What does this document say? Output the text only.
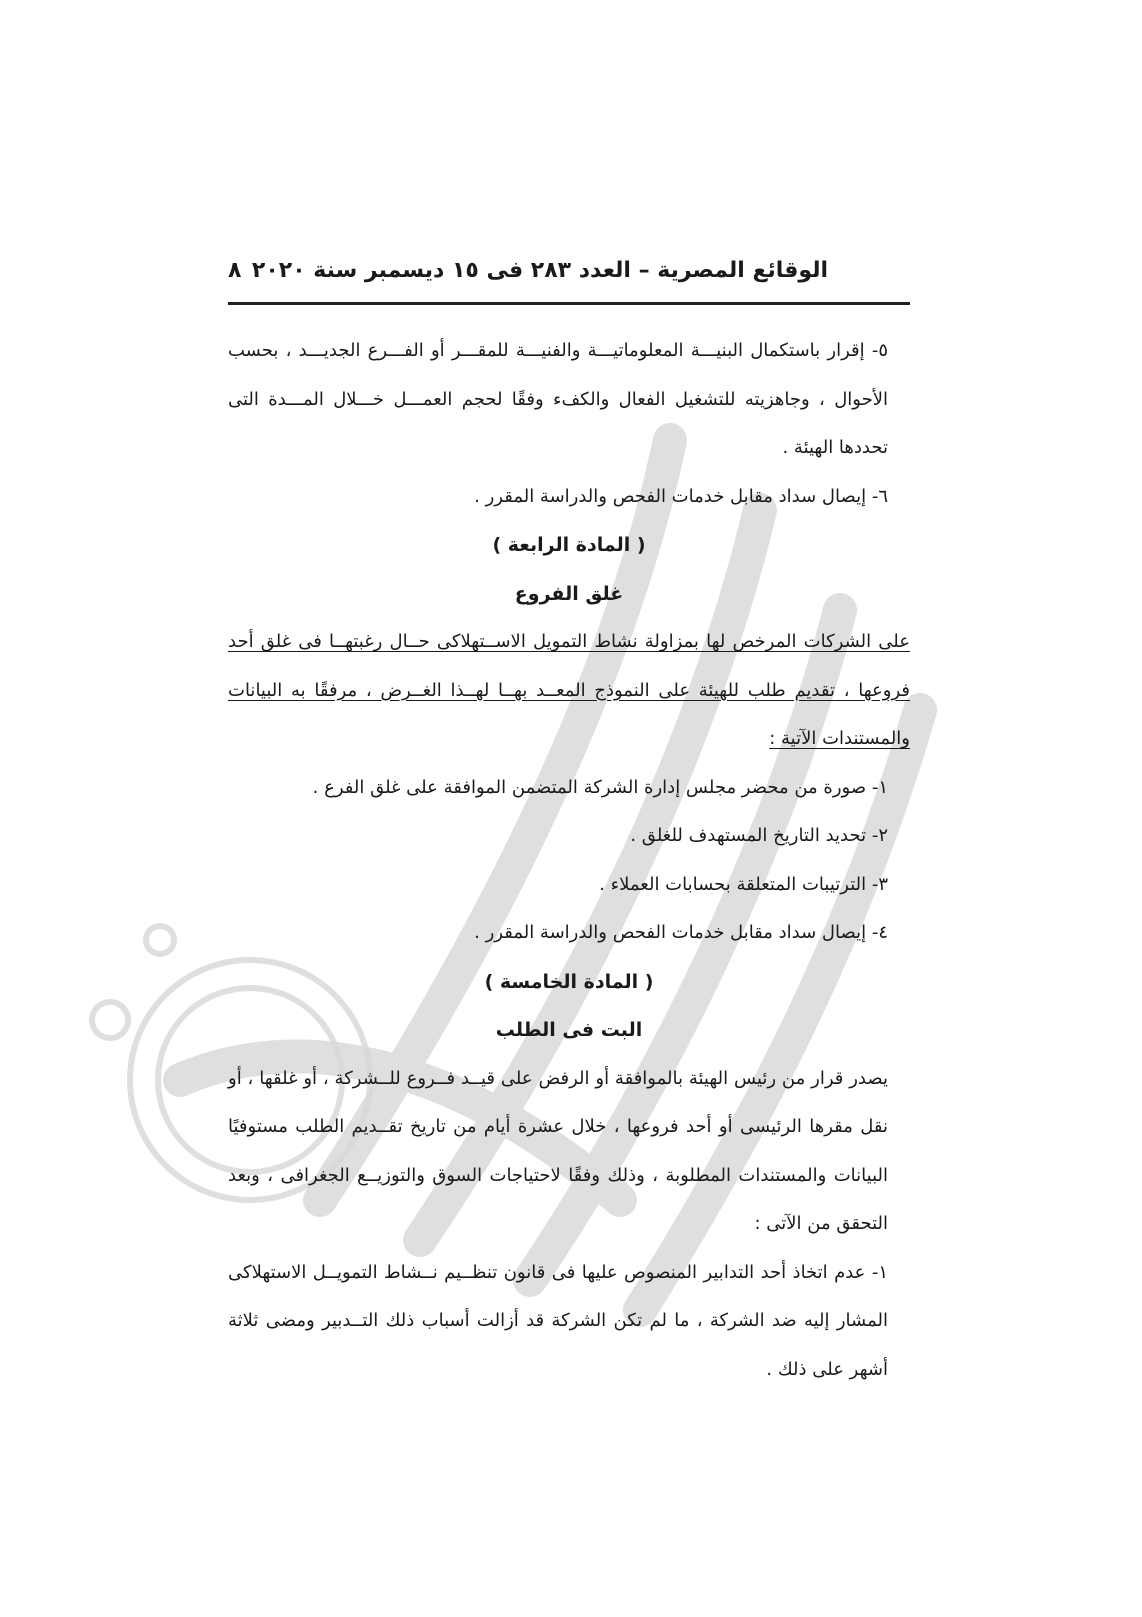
الوقائع المصرية – العدد ٢٨٣ فى ١٥ ديسمبر سنة ٢٠٢٠
٨

٥- إقرار باستكمال البنيـــة المعلوماتيـــة والفنيـــة للمقـــر أو الفـــرع الجديـــد ، بحسب الأحوال ، وجاهزيته للتشغيل الفعال والكفء وفقًا لحجم العمـــل خـــلال المـــدة التى تحددها الهيئة .

٦- إيصال سداد مقابل خدمات الفحص والدراسة المقرر .

( المادة الرابعة )

غلق الفروع

على الشركات المرخص لها بمزاولة نشاط التمويل الاســتهلاكى حــال رغبتهــا فى غلق أحد فروعها ، تقديم طلب للهيئة على النموذج المعــد بهــا لهــذا الغــرض ، مرفقًا به البيانات والمستندات الآتية :

١- صورة من محضر مجلس إدارة الشركة المتضمن الموافقة على غلق الفرع .

٢- تحديد التاريخ المستهدف للغلق .

٣- الترتيبات المتعلقة بحسابات العملاء .

٤- إيصال سداد مقابل خدمات الفحص والدراسة المقرر .

( المادة الخامسة )

البت فى الطلب

يصدر قرار من رئيس الهيئة بالموافقة أو الرفض على قيــد فــروع للــشركة ، أو غلقها ، أو نقل مقرها الرئيسى أو أحد فروعها ، خلال عشرة أيام من تاريخ تقــديم الطلب مستوفيًا البيانات والمستندات المطلوبة ، وذلك وفقًا لاحتياجات السوق والتوزيــع الجغرافى ، وبعد التحقق من الآتى :

١- عدم اتخاذ أحد التدابير المنصوص عليها فى قانون تنظــيم نــشاط التمويــل الاستهلاكى المشار إليه ضد الشركة ، ما لم تكن الشركة قد أزالت أسباب ذلك التــدبير ومضى ثلاثة أشهر على ذلك .
